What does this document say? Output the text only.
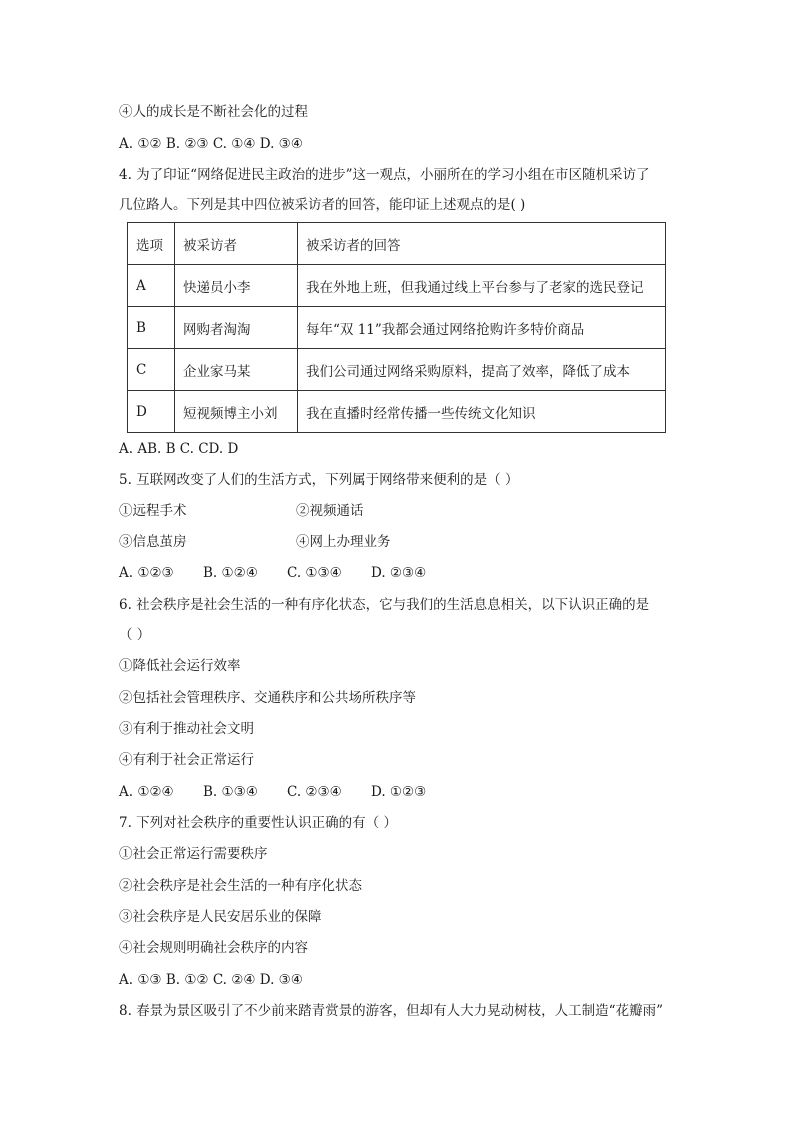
④人的成长是不断社会化的过程
A. ①② B. ②③ C. ①④ D. ③④
4. 为了印证“网络促进民主政治的进步”这一观点，小丽所在的学习小组在市区随机采访了
几位路人。下列是其中四位被采访者的回答，能印证上述观点的是( )
选项	被采访者	被采访者的回答
A	快递员小李	我在外地上班，但我通过线上平台参与了老家的选民登记
B	网购者淘淘	每年“双 11”我都会通过网络抢购许多特价商品
C	企业家马某	我们公司通过网络采购原料，提高了效率，降低了成本
D	短视频博主小刘	我在直播时经常传播一些传统文化知识
A. AB. B C. CD. D
5. 互联网改变了人们的生活方式，下列属于网络带来便利的是（ ）
①远程手术	②视频通话
③信息茧房	④网上办理业务
A. ①②③ B. ①②④ C. ①③④ D. ②③④
6. 社会秩序是社会生活的一种有序化状态，它与我们的生活息息相关，以下认识正确的是
（ ）
①降低社会运行效率
②包括社会管理秩序、交通秩序和公共场所秩序等
③有利于推动社会文明
④有利于社会正常运行
A. ①②④ B. ①③④ C. ②③④ D. ①②③
7. 下列对社会秩序的重要性认识正确的有（ ）
①社会正常运行需要秩序
②社会秩序是社会生活的一种有序化状态
③社会秩序是人民安居乐业的保障
④社会规则明确社会秩序的内容
A. ①③ B. ①② C. ②④ D. ③④
8. 春景为景区吸引了不少前来踏青赏景的游客，但却有人大力晃动树枝，人工制造“花瓣雨”
